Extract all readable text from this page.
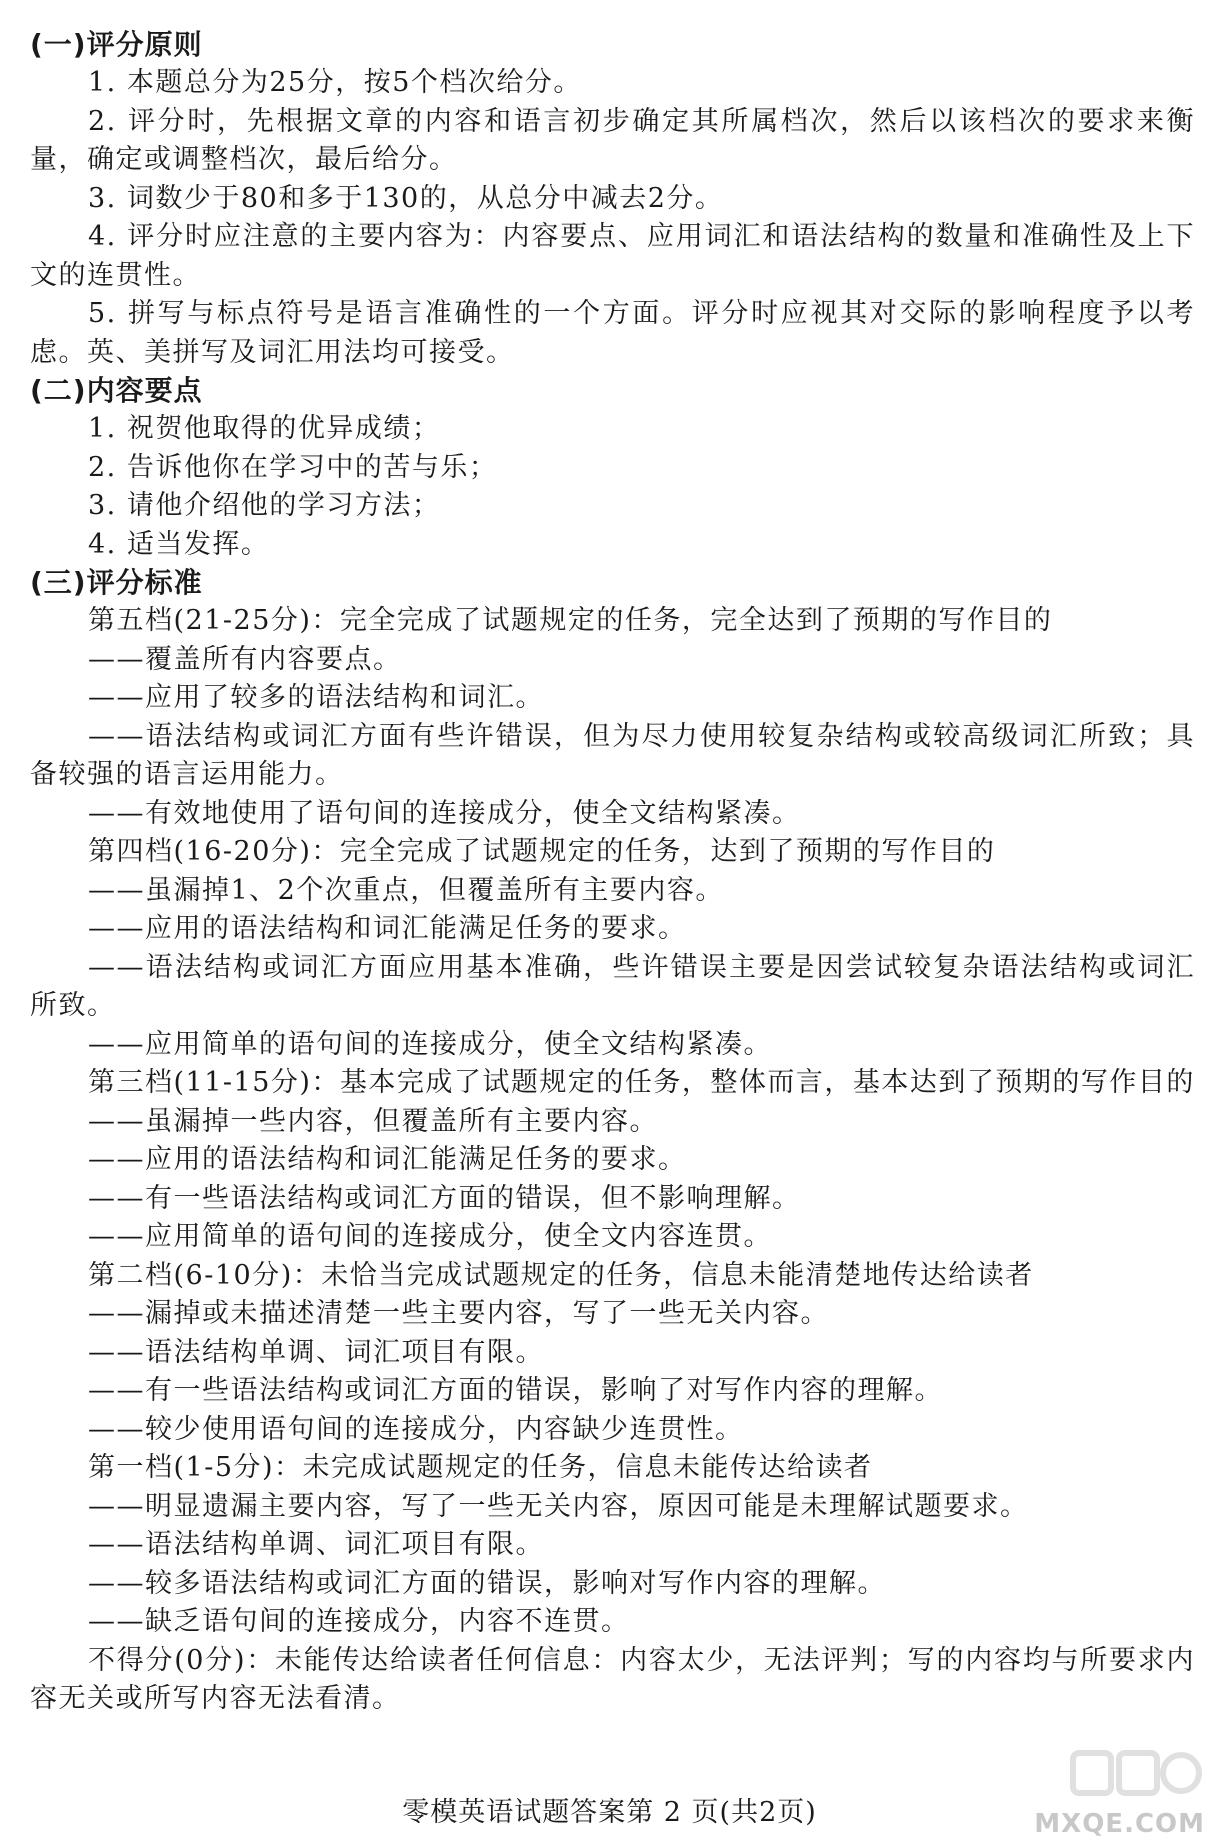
(一)评分原则

1. 本题总分为25分，按5个档次给分。

2. 评分时，先根据文章的内容和语言初步确定其所属档次，然后以该档次的要求来衡量，确定或调整档次，最后给分。

3. 词数少于80和多于130的，从总分中减去2分。

4. 评分时应注意的主要内容为：内容要点、应用词汇和语法结构的数量和准确性及上下文的连贯性。

5. 拼写与标点符号是语言准确性的一个方面。评分时应视其对交际的影响程度予以考虑。英、美拼写及词汇用法均可接受。

(二)内容要点

1. 祝贺他取得的优异成绩；

2. 告诉他你在学习中的苦与乐；

3. 请他介绍他的学习方法；

4. 适当发挥。

(三)评分标准

第五档(21-25分)：完全完成了试题规定的任务，完全达到了预期的写作目的

——覆盖所有内容要点。

——应用了较多的语法结构和词汇。

——语法结构或词汇方面有些许错误，但为尽力使用较复杂结构或较高级词汇所致；具备较强的语言运用能力。

——有效地使用了语句间的连接成分，使全文结构紧凑。

第四档(16-20分)：完全完成了试题规定的任务，达到了预期的写作目的

——虽漏掉1、2个次重点，但覆盖所有主要内容。

——应用的语法结构和词汇能满足任务的要求。

——语法结构或词汇方面应用基本准确，些许错误主要是因尝试较复杂语法结构或词汇所致。

——应用简单的语句间的连接成分，使全文结构紧凑。

第三档(11-15分)：基本完成了试题规定的任务，整体而言，基本达到了预期的写作目的

——虽漏掉一些内容，但覆盖所有主要内容。

——应用的语法结构和词汇能满足任务的要求。

——有一些语法结构或词汇方面的错误，但不影响理解。

——应用简单的语句间的连接成分，使全文内容连贯。

第二档(6-10分)：未恰当完成试题规定的任务，信息未能清楚地传达给读者

——漏掉或未描述清楚一些主要内容，写了一些无关内容。

——语法结构单调、词汇项目有限。

——有一些语法结构或词汇方面的错误，影响了对写作内容的理解。

——较少使用语句间的连接成分，内容缺少连贯性。

第一档(1-5分)：未完成试题规定的任务，信息未能传达给读者

——明显遗漏主要内容，写了一些无关内容，原因可能是未理解试题要求。

——语法结构单调、词汇项目有限。

——较多语法结构或词汇方面的错误，影响对写作内容的理解。

——缺乏语句间的连接成分，内容不连贯。

不得分(0分)：未能传达给读者任何信息：内容太少，无法评判；写的内容均与所要求内容无关或所写内容无法看清。

零模英语试题答案第 2 页(共2页)	MXQE.COM
